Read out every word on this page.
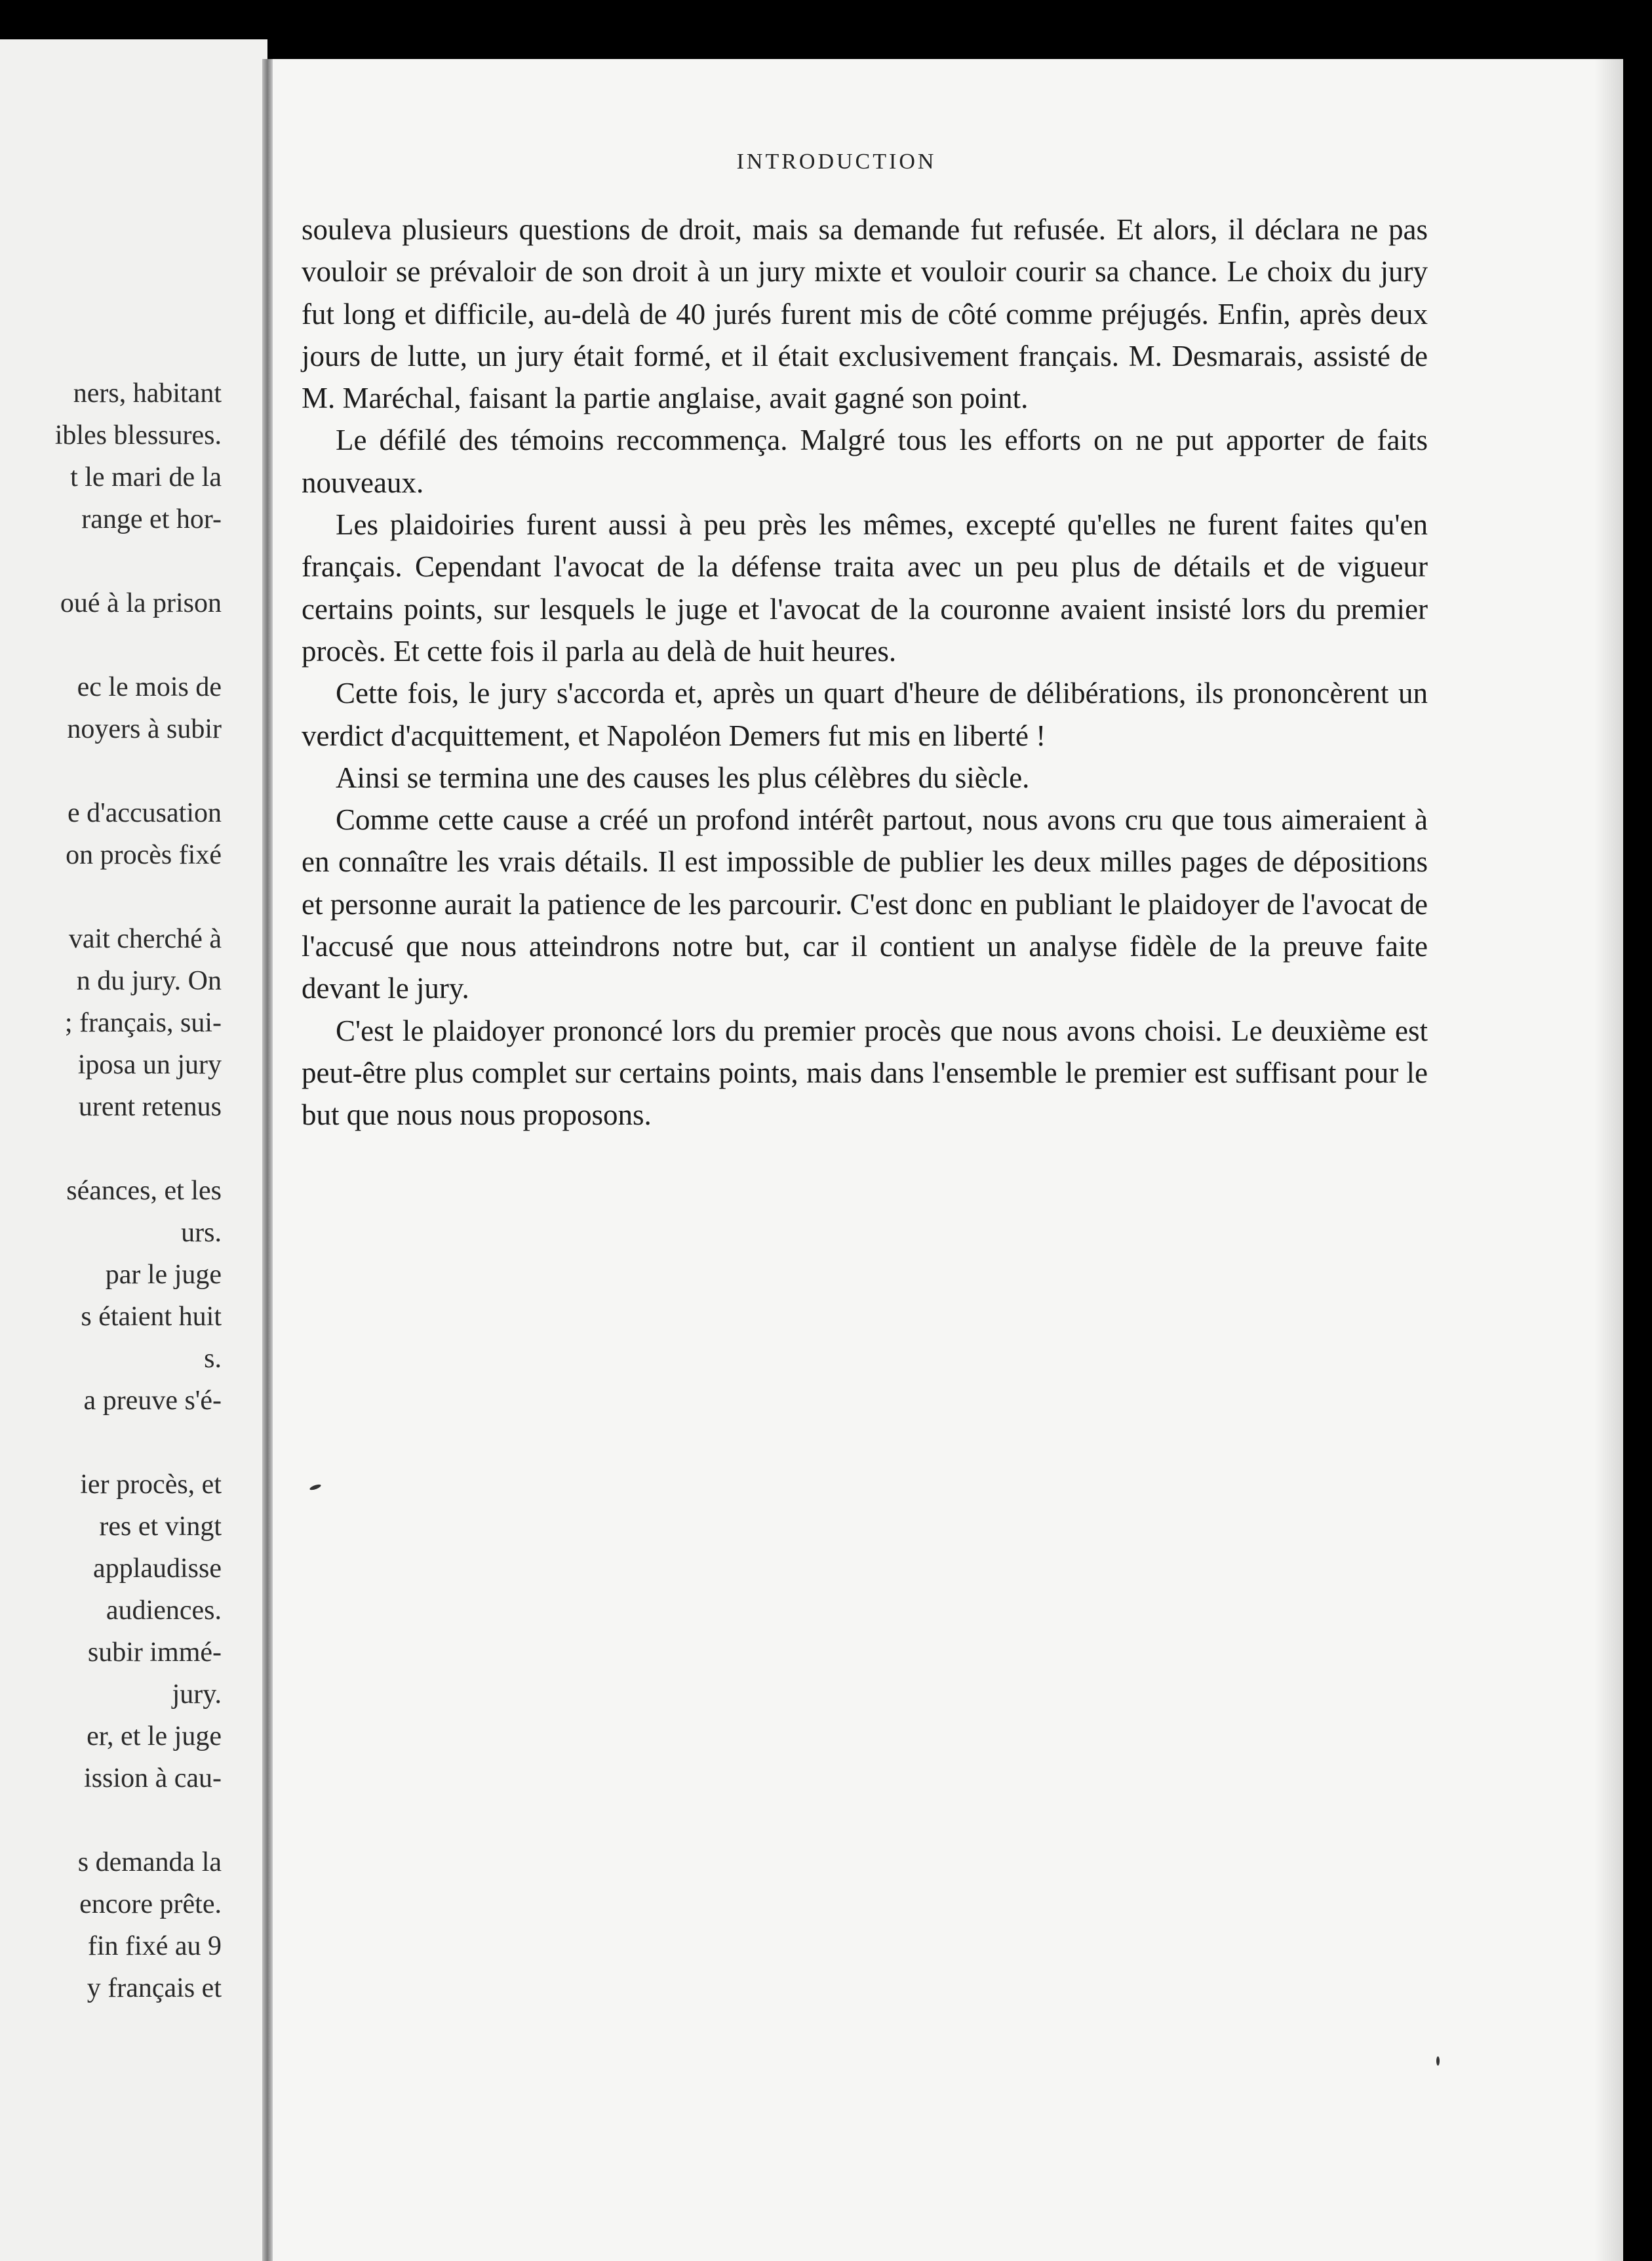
ners, habitant
ibles blessures.
t le mari de la
range et hor-
oué à la prison
ec le mois de
noyers à subir
e d'accusation
on procès fixé
vait cherché à
n du jury. On
; français, sui-
iposa un jury
urent retenus
séances, et les
urs.
par le juge
s étaient huit
s.
a preuve s'é-
ier procès, et
res et vingt
applaudisse
audiences.
subir immé-
jury.
er, et le juge
ission à cau-
s demanda la
encore prête.
fin fixé au 9
y français et
INTRODUCTION

souleva plusieurs questions de droit, mais sa demande fut refusée. Et alors, il déclara ne pas vouloir se prévaloir de son droit à un jury mixte et vouloir courir sa chance. Le choix du jury fut long et difficile, au-delà de 40 jurés furent mis de côté comme préjugés. Enfin, après deux jours de lutte, un jury était formé, et il était exclusivement français. M. Desmarais, assisté de M. Maréchal, faisant la partie anglaise, avait gagné son point.

Le défilé des témoins reccommença. Malgré tous les efforts on ne put apporter de faits nouveaux.

Les plaidoiries furent aussi à peu près les mêmes, excepté qu'elles ne furent faites qu'en français. Cependant l'avocat de la défense traita avec un peu plus de détails et de vigueur certains points, sur lesquels le juge et l'avocat de la couronne avaient insisté lors du premier procès. Et cette fois il parla au delà de huit heures.

Cette fois, le jury s'accorda et, après un quart d'heure de délibérations, ils prononcèrent un verdict d'acquittement, et Napoléon Demers fut mis en liberté !

Ainsi se termina une des causes les plus célèbres du siècle.

Comme cette cause a créé un profond intérêt partout, nous avons cru que tous aimeraient à en connaître les vrais détails. Il est impossible de publier les deux milles pages de dépositions et personne aurait la patience de les parcourir. C'est donc en publiant le plaidoyer de l'avocat de l'accusé que nous atteindrons notre but, car il contient un analyse fidèle de la preuve faite devant le jury.

C'est le plaidoyer prononcé lors du premier procès que nous avons choisi. Le deuxième est peut-être plus complet sur certains points, mais dans l'ensemble le premier est suffisant pour le but que nous nous proposons.
